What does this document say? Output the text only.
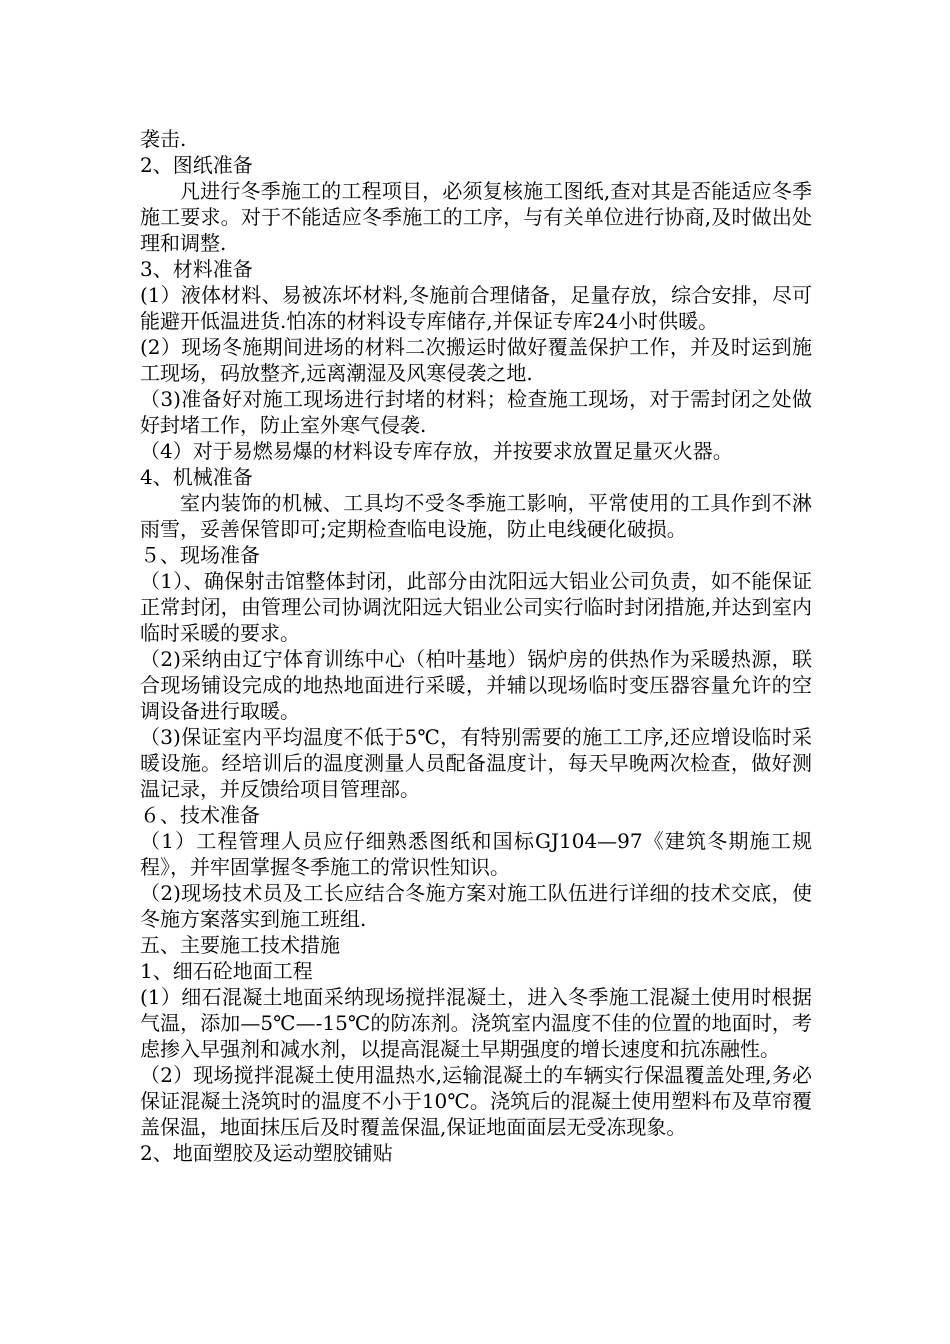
袭击.

2、图纸准备

凡进行冬季施工的工程项目，必须复核施工图纸,查对其是否能适应冬季施工要求。对于不能适应冬季施工的工序，与有关单位进行协商,及时做出处理和调整.

3、材料准备

(1）液体材料、易被冻坏材料,冬施前合理储备，足量存放，综合安排，尽可能避开低温进货.怕冻的材料设专库储存,并保证专库24小时供暖。

(2）现场冬施期间进场的材料二次搬运时做好覆盖保护工作，并及时运到施工现场，码放整齐,远离潮湿及风寒侵袭之地.

（3)准备好对施工现场进行封堵的材料；检查施工现场，对于需封闭之处做好封堵工作，防止室外寒气侵袭.

（4）对于易燃易爆的材料设专库存放，并按要求放置足量灭火器。

4、机械准备

室内装饰的机械、工具均不受冬季施工影响，平常使用的工具作到不淋雨雪，妥善保管即可;定期检查临电设施，防止电线硬化破损。

５、现场准备

（1）、确保射击馆整体封闭，此部分由沈阳远大铝业公司负责，如不能保证正常封闭，由管理公司协调沈阳远大铝业公司实行临时封闭措施,并达到室内临时采暖的要求。

（2)采纳由辽宁体育训练中心（柏叶基地）锅炉房的供热作为采暖热源，联合现场铺设完成的地热地面进行采暖，并辅以现场临时变压器容量允许的空调设备进行取暖。

（3)保证室内平均温度不低于5℃，有特别需要的施工工序,还应增设临时采暖设施。经培训后的温度测量人员配备温度计，每天早晚两次检查，做好测温记录，并反馈给项目管理部。

６、技术准备

（1）工程管理人员应仔细熟悉图纸和国标GJ104—97《建筑冬期施工规程》，并牢固掌握冬季施工的常识性知识。

（2)现场技术员及工长应结合冬施方案对施工队伍进行详细的技术交底，使冬施方案落实到施工班组.

五、主要施工技术措施

1、细石砼地面工程

(1）细石混凝土地面采纳现场搅拌混凝土，进入冬季施工混凝土使用时根据气温，添加—5℃—-15℃的防冻剂。浇筑室内温度不佳的位置的地面时，考虑掺入早强剂和减水剂，以提高混凝土早期强度的增长速度和抗冻融性。

（2）现场搅拌混凝土使用温热水,运输混凝土的车辆实行保温覆盖处理,务必保证混凝土浇筑时的温度不小于10℃。浇筑后的混凝土使用塑料布及草帘覆盖保温，地面抹压后及时覆盖保温,保证地面面层无受冻现象。

2、地面塑胶及运动塑胶铺贴
